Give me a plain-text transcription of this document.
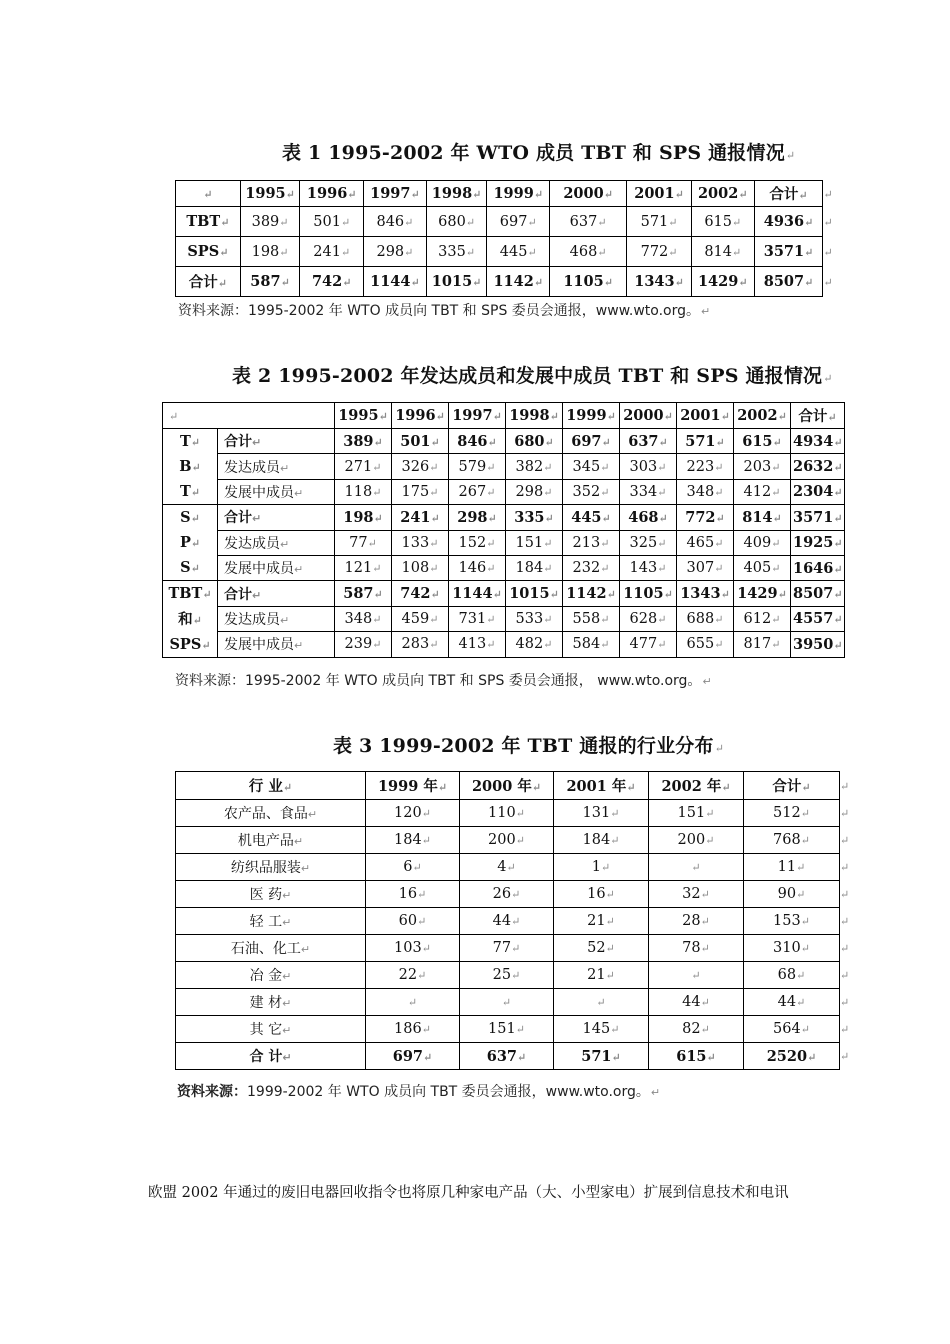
表 1 1995-2002 年 WTO 成员 TBT 和 SPS 通报情况↵
↵	1995↵	1996↵	1997↵	1998↵	1999↵	2000↵	2001↵	2002↵	合计↵	↵
TBT↵	389↵	501↵	846↵	680↵	697↵	637↵	571↵	615↵	4936↵	↵
SPS↵	198↵	241↵	298↵	335↵	445↵	468↵	772↵	814↵	3571↵	↵
合计↵	587↵	742↵	1144↵	1015↵	1142↵	1105↵	1343↵	1429↵	8507↵	↵
资料来源：1995-2002 年 WTO 成员向 TBT 和 SPS 委员会通报，www.wto.org。↵
表 2 1995-2002 年发达成员和发展中成员 TBT 和 SPS 通报情况↵
↵		1995↵	1996↵	1997↵	1998↵	1999↵	2000↵	2001↵	2002↵	合计↵
T↵	合计↵	389↵	501↵	846↵	680↵	697↵	637↵	571↵	615↵	4934↵
B↵	发达成员↵	271↵	326↵	579↵	382↵	345↵	303↵	223↵	203↵	2632↵
T↵	发展中成员↵	118↵	175↵	267↵	298↵	352↵	334↵	348↵	412↵	2304↵
S↵	合计↵	198↵	241↵	298↵	335↵	445↵	468↵	772↵	814↵	3571↵
P↵	发达成员↵	77↵	133↵	152↵	151↵	213↵	325↵	465↵	409↵	1925↵
S↵	发展中成员↵	121↵	108↵	146↵	184↵	232↵	143↵	307↵	405↵	1646↵
TBT↵	合计↵	587↵	742↵	1144↵	1015↵	1142↵	1105↵	1343↵	1429↵	8507↵
和↵	发达成员↵	348↵	459↵	731↵	533↵	558↵	628↵	688↵	612↵	4557↵
SPS↵	发展中成员↵	239↵	283↵	413↵	482↵	584↵	477↵	655↵	817↵	3950↵
资料来源：1995-2002 年 WTO 成员向 TBT 和 SPS 委员会通报， www.wto.org。↵
表 3 1999-2002 年 TBT 通报的行业分布↵
行 业↵	1999 年↵	2000 年↵	2001 年↵	2002 年↵	合计↵	↵
农产品、食品↵	120↵	110↵	131↵	151↵	512↵	↵
机电产品↵	184↵	200↵	184↵	200↵	768↵	↵
纺织品服装↵	6↵	4↵	1↵	↵	11↵	↵
医 药↵	16↵	26↵	16↵	32↵	90↵	↵
轻 工↵	60↵	44↵	21↵	28↵	153↵	↵
石油、化工↵	103↵	77↵	52↵	78↵	310↵	↵
冶 金↵	22↵	25↵	21↵	↵	68↵	↵
建 材↵	↵	↵	↵	44↵	44↵	↵
其 它↵	186↵	151↵	145↵	82↵	564↵	↵
合 计↵	697↵	637↵	571↵	615↵	2520↵	↵
资料来源：1999-2002 年 WTO 成员向 TBT 委员会通报，www.wto.org。↵
欧盟 2002 年通过的废旧电器回收指令也将原几种家电产品（大、小型家电）扩展到信息技术和电讯
